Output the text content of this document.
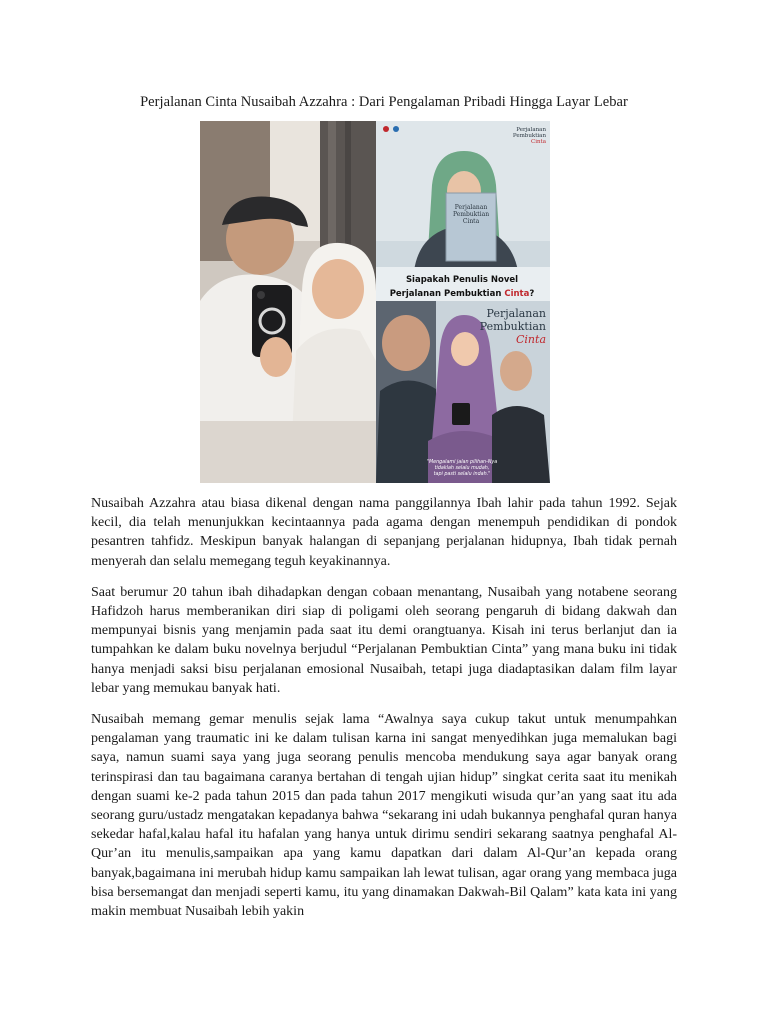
Perjalanan Cinta Nusaibah Azzahra : Dari Pengalaman Pribadi Hingga Layar Lebar
Perjalanan Pembuktian Cinta
Perjalanan Pembuktian Cinta
Siapakah Penulis Novel
Perjalanan Pembuktian Cinta?
Perjalanan
Pembuktian
Cinta
"Mengalami jalan pilihan-Nya
tidaklah selalu mudah,
tapi pasti selalu indah."

Nusaibah Azzahra atau biasa dikenal dengan nama panggilannya Ibah lahir pada tahun 1992. Sejak kecil, dia telah menunjukkan kecintaannya pada agama dengan menempuh pendidikan di pondok pesantren tahfidz. Meskipun banyak halangan di sepanjang perjalanan hidupnya, Ibah tidak pernah menyerah dan selalu memegang teguh keyakinannya.

Saat berumur 20 tahun ibah dihadapkan dengan cobaan menantang, Nusaibah yang notabene seorang Hafidzoh harus memberanikan diri siap di poligami oleh seorang pengaruh di bidang dakwah dan mempunyai bisnis yang menjamin pada saat itu demi orangtuanya. Kisah ini terus berlanjut dan ia tumpahkan ke dalam buku novelnya berjudul “Perjalanan Pembuktian Cinta” yang mana buku ini tidak hanya menjadi saksi bisu perjalanan emosional Nusaibah, tetapi juga diadaptasikan dalam film layar lebar yang memukau banyak hati.

Nusaibah memang gemar menulis sejak lama “Awalnya saya cukup takut untuk menumpahkan pengalaman yang traumatic ini ke dalam tulisan karna ini sangat menyedihkan juga memalukan bagi saya, namun suami saya yang juga seorang penulis mencoba mendukung saya agar banyak orang terinspirasi dan tau bagaimana caranya bertahan di tengah ujian hidup” singkat cerita saat itu menikah dengan suami ke-2 pada tahun 2015 dan pada tahun 2017 mengikuti wisuda qur’an yang saat itu ada seorang guru/ustadz mengatakan kepadanya bahwa “sekarang ini udah bukannya penghafal quran hanya sekedar hafal,kalau hafal itu hafalan yang hanya untuk dirimu sendiri sekarang saatnya penghafal Al-Qur’an itu menulis,sampaikan apa yang kamu dapatkan dari dalam Al-Qur’an kepada orang banyak,bagaimana ini merubah hidup kamu sampaikan lah lewat tulisan, agar orang yang membaca juga bisa bersemangat dan menjadi seperti kamu, itu yang dinamakan Dakwah-Bil Qalam” kata kata ini yang makin membuat Nusaibah lebih yakin
